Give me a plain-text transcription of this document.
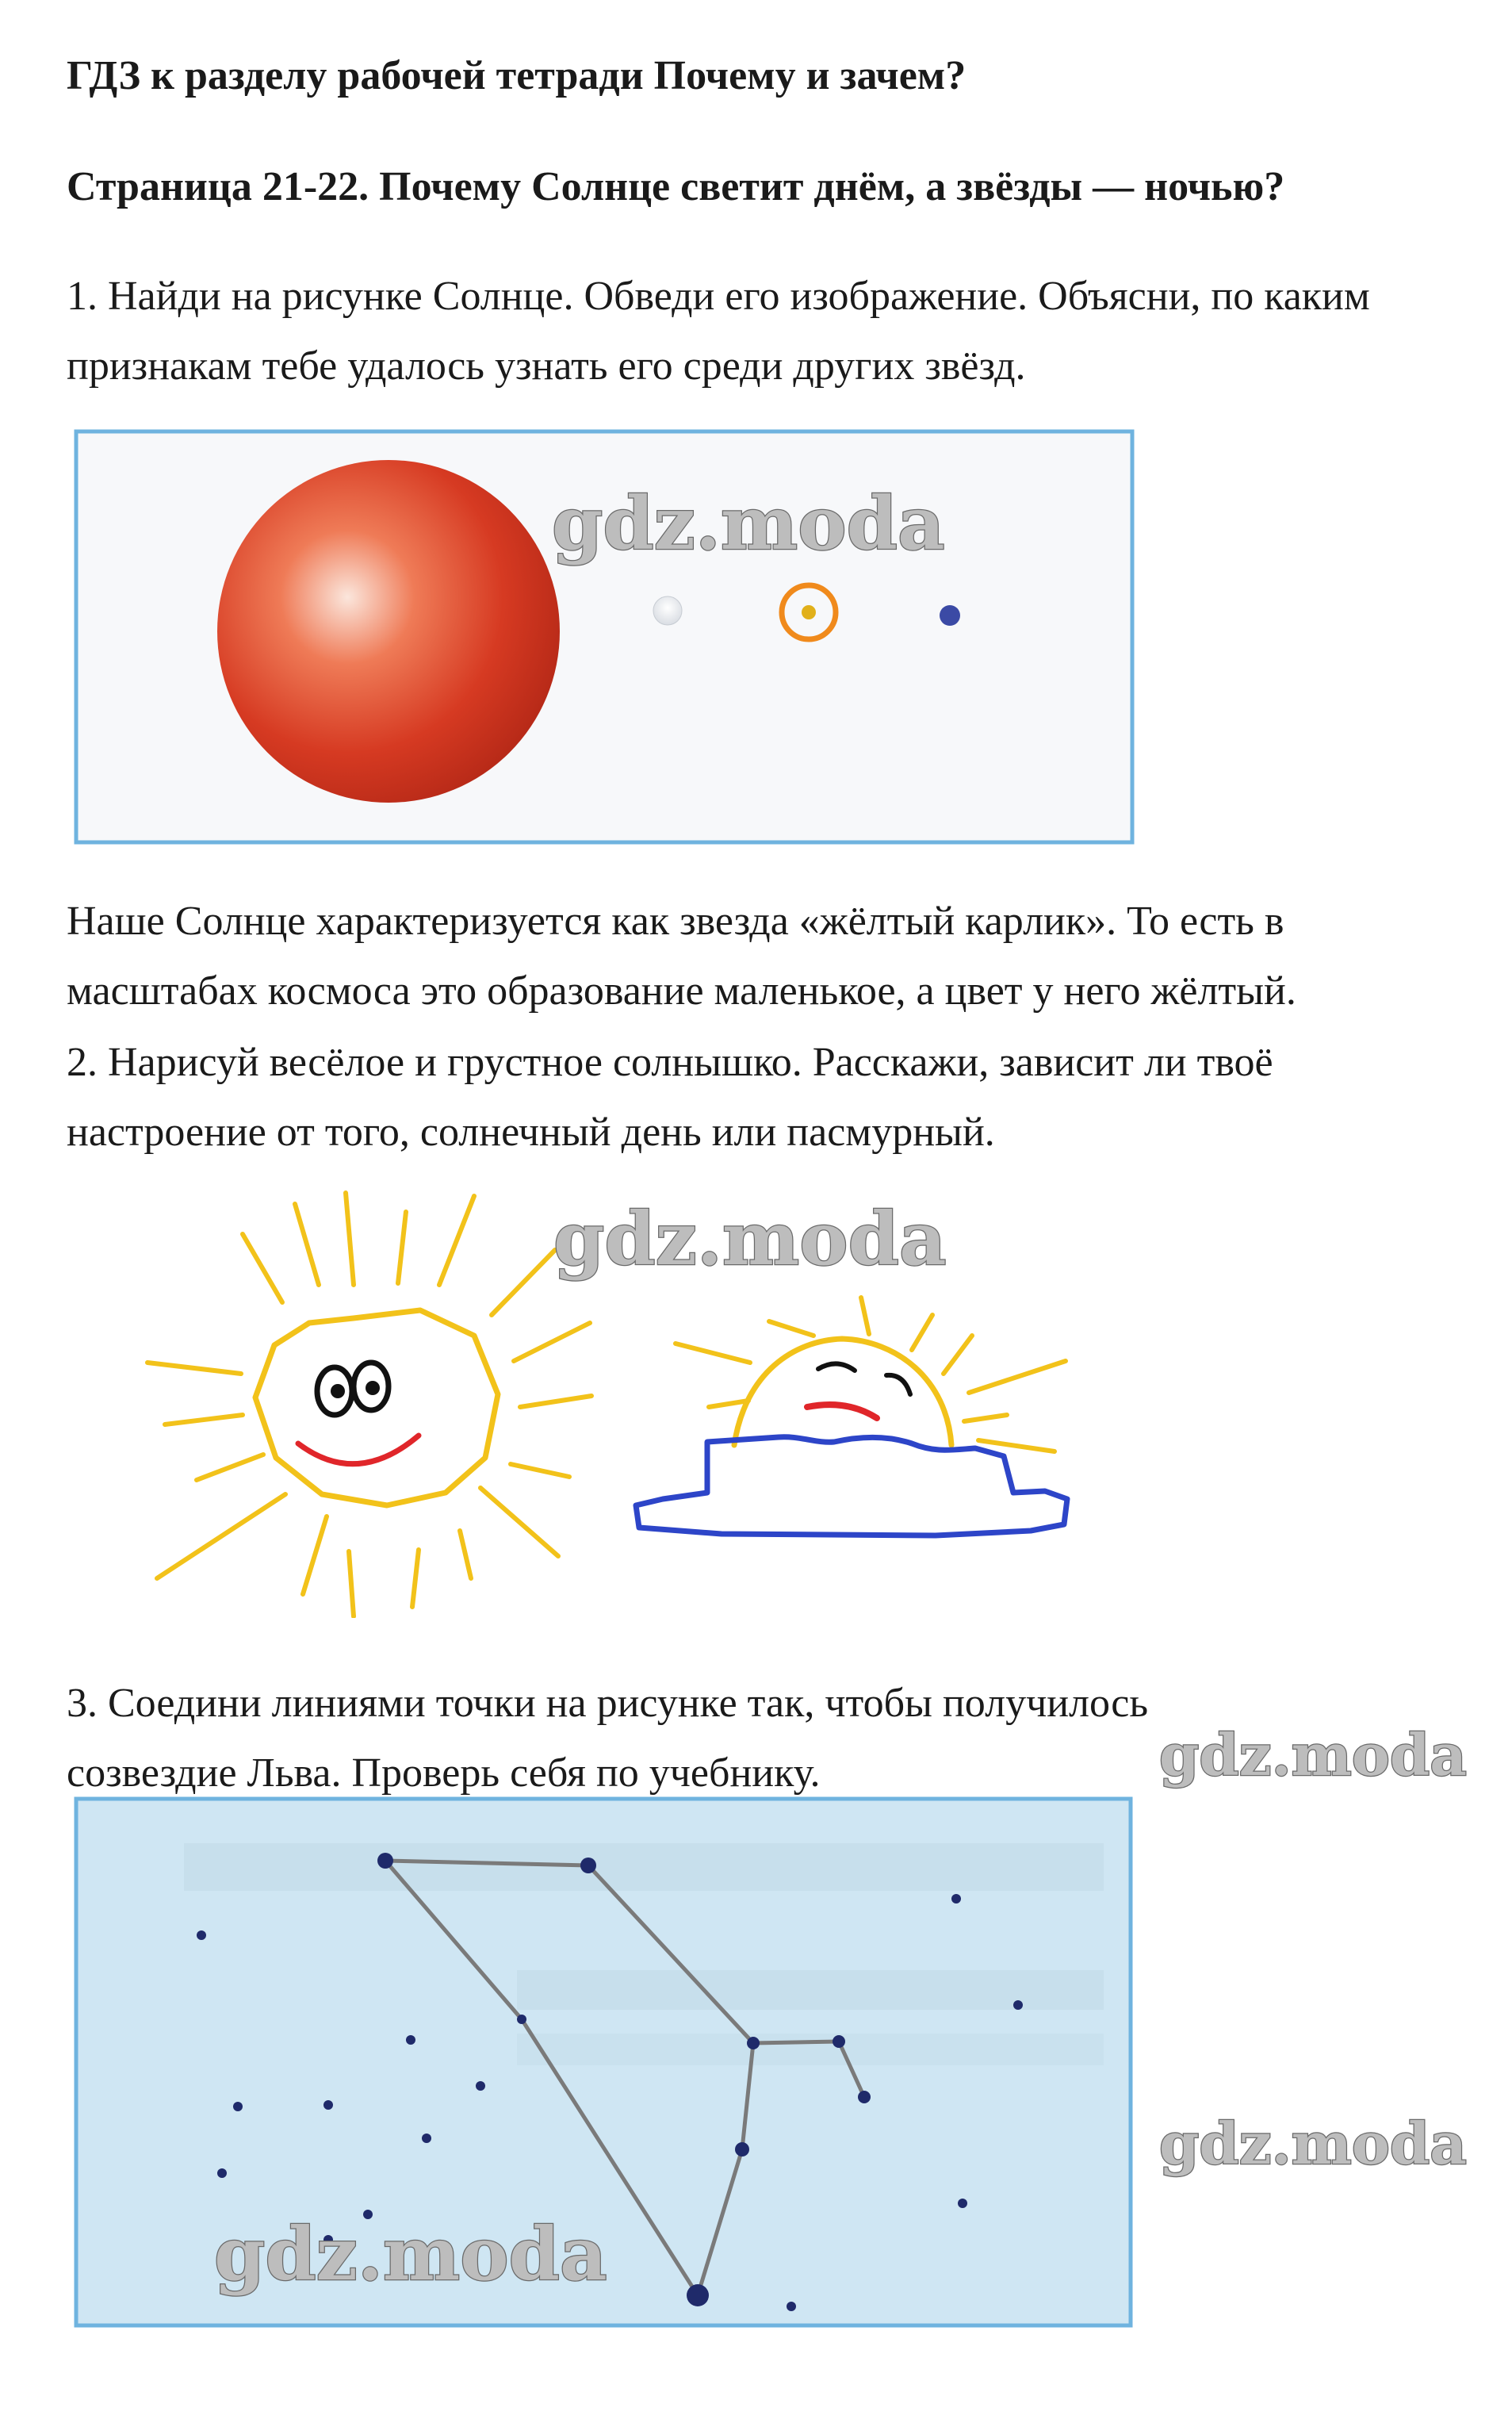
ГДЗ к разделу рабочей тетради Почему и зачем?

Страница 21-22. Почему Солнце светит днём, а звёзды — ночью?

1. Найди на рисунке Солнце. Обведи его изображение. Объясни, по каким признакам тебе удалось узнать его среди других звёзд.

gdz.moda

Наше Солнце характеризуется как звезда «жёлтый карлик». То есть в масштабах космоса это образование маленькое, а цвет у него жёлтый.

2. Нарисуй весёлое и грустное солнышко. Расскажи, зависит ли твоё настроение от того, солнечный день или пасмурный.

gdz.moda

3. Соедини линиями точки на рисунке так, чтобы получилось созвездие Льва. Проверь себя по учебнику.	gdz.moda
gdz.moda
gdz.moda
